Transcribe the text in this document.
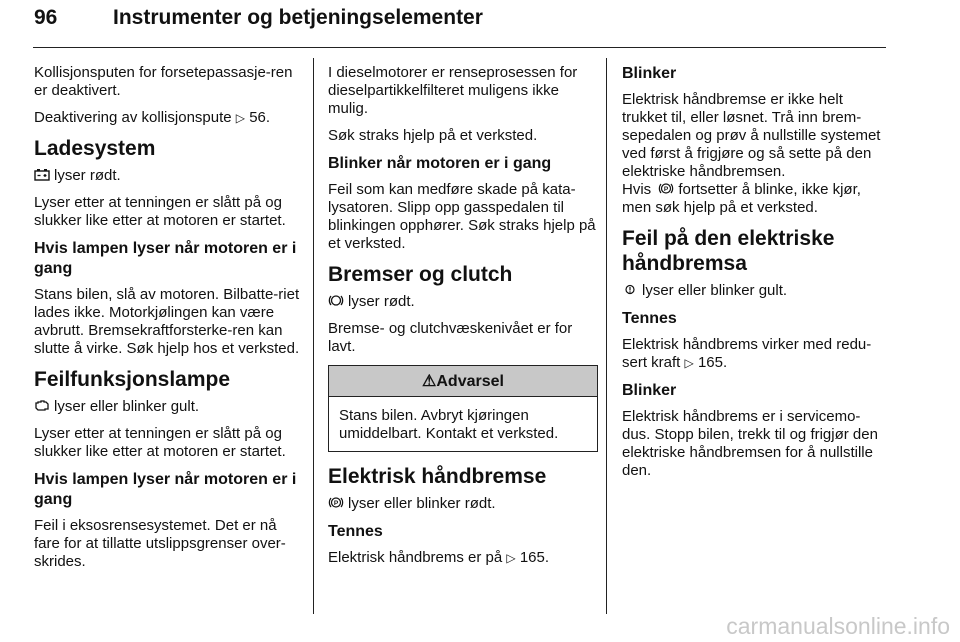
96	Instrumenter og betjeningselementer

Kollisjonsputen for forsetepassasje-ren er deaktivert.

Deaktivering av kollisjonspute ▷ 56.

Ladesystem

lyser rødt.

Lyser etter at tenningen er slått på og slukker like etter at motoren er startet.

Hvis lampen lyser når motoren er i gang

Stans bilen, slå av motoren. Bilbatte-riet lades ikke. Motorkjølingen kan være avbrutt. Bremsekraftforsterke-ren kan slutte å virke. Søk hjelp hos et verksted.

Feilfunksjonslampe

lyser eller blinker gult.

Lyser etter at tenningen er slått på og slukker like etter at motoren er startet.

Hvis lampen lyser når motoren er i gang

Feil i eksosrensesystemet. Det er nå fare for at tillatte utslippsgrenser over-skrides.

I dieselmotorer er renseprosessen for dieselpartikkelfilteret muligens ikke mulig.

Søk straks hjelp på et verksted.

Blinker når motoren er i gang

Feil som kan medføre skade på kata-lysatoren. Slipp opp gasspedalen til blinkingen opphører. Søk straks hjelp på et verksted.

Bremser og clutch

lyser rødt.

Bremse- og clutchvæskenivået er for lavt.

⚠Advarsel

Stans bilen. Avbryt kjøringen umiddelbart. Kontakt et verksted.

Elektrisk håndbremse

P lyser eller blinker rødt.

Tennes

Elektrisk håndbrems er på ▷ 165.

Blinker

Elektrisk håndbremse er ikke helt trukket til, eller løsnet. Trå inn brem-sepedalen og prøv å nullstille systemet ved først å frigjøre og så sette på den elektriske håndbremsen.

Hvis P fortsetter å blinke, ikke kjør, men søk hjelp på et verksted.

Feil på den elektriske håndbremsa

lyser eller blinker gult.

Tennes

Elektrisk håndbrems virker med redu-sert kraft ▷ 165.

Blinker

Elektrisk håndbrems er i servicemo-dus. Stopp bilen, trekk til og frigjør den elektriske håndbremsen for å nullstille den.

carmanualsonline.info
